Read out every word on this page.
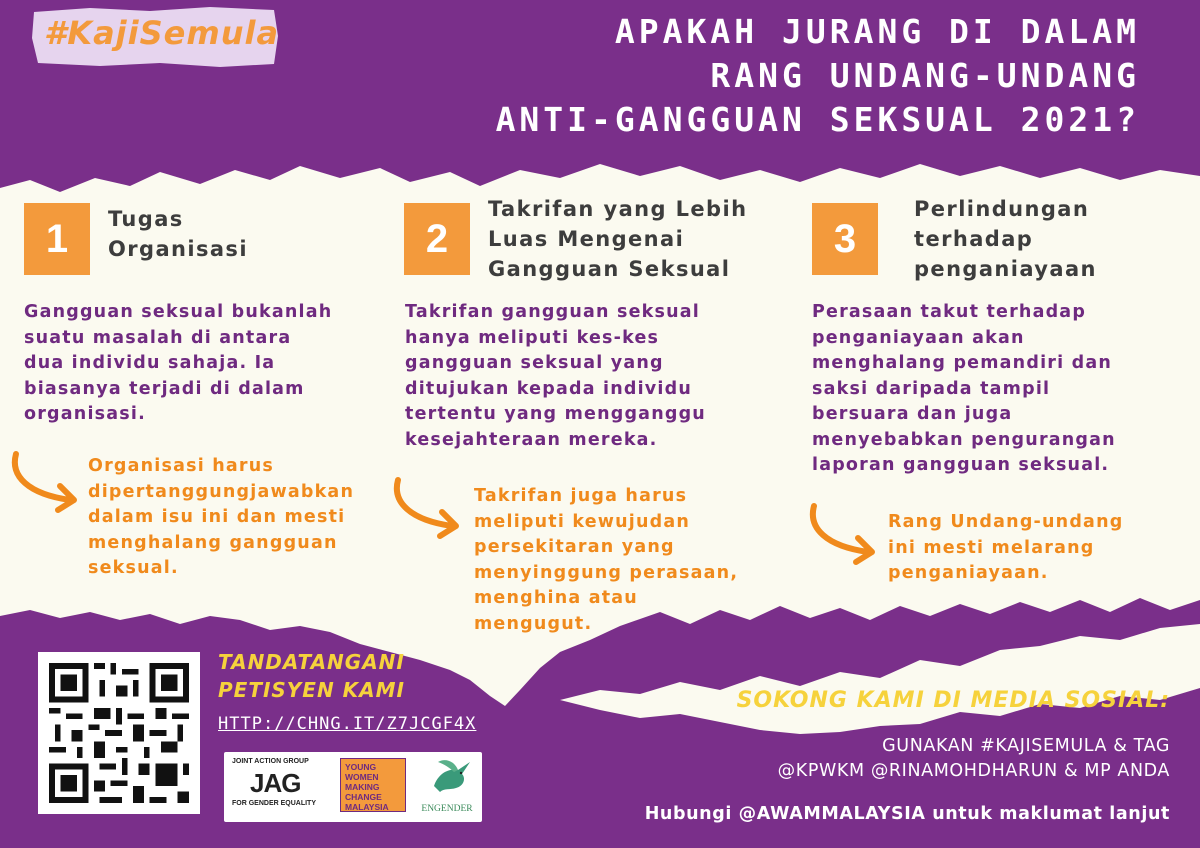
#KajiSemula	APAKAH JURANG DI DALAM
RANG UNDANG-UNDANG
ANTI-GANGGUAN SEKSUAL 2021?
1	Tugas
Organisasi
Gangguan seksual bukanlah
suatu masalah di antara
dua individu sahaja. Ia
biasanya terjadi di dalam
organisasi.
Organisasi harus
dipertanggungjawabkan
dalam isu ini dan mesti
menghalang gangguan
seksual.
2
Takrifan yang Lebih
Luas Mengenai
Gangguan Seksual
Takrifan gangguan seksual
hanya meliputi kes-kes
gangguan seksual yang
ditujukan kepada individu
tertentu yang mengganggu
kesejahteraan mereka.
Takrifan juga harus
meliputi kewujudan
persekitaran yang
menyinggung perasaan,
menghina atau
mengugut.
3
Perlindungan
terhadap
penganiayaan
Perasaan takut terhadap
penganiayaan akan
menghalang pemandiri dan
saksi daripada tampil
bersuara dan juga
menyebabkan pengurangan
laporan gangguan seksual.
Rang Undang-undang
ini mesti melarang
penganiayaan.
TANDATANGANI
PETISYEN KAMI
HTTP://CHNG.IT/Z7JCGF4X
JOINT ACTION GROUP
JAG
FOR GENDER EQUALITY
YOUNG
WOMEN
MAKING
CHANGE
MALAYSIA	ENGENDER
SOKONG KAMI DI MEDIA SOSIAL:
GUNAKAN #KAJISEMULA & TAG
@KPWKM @RINAMOHDHARUN & MP ANDA
Hubungi @AWAMMALAYSIA untuk maklumat lanjut
